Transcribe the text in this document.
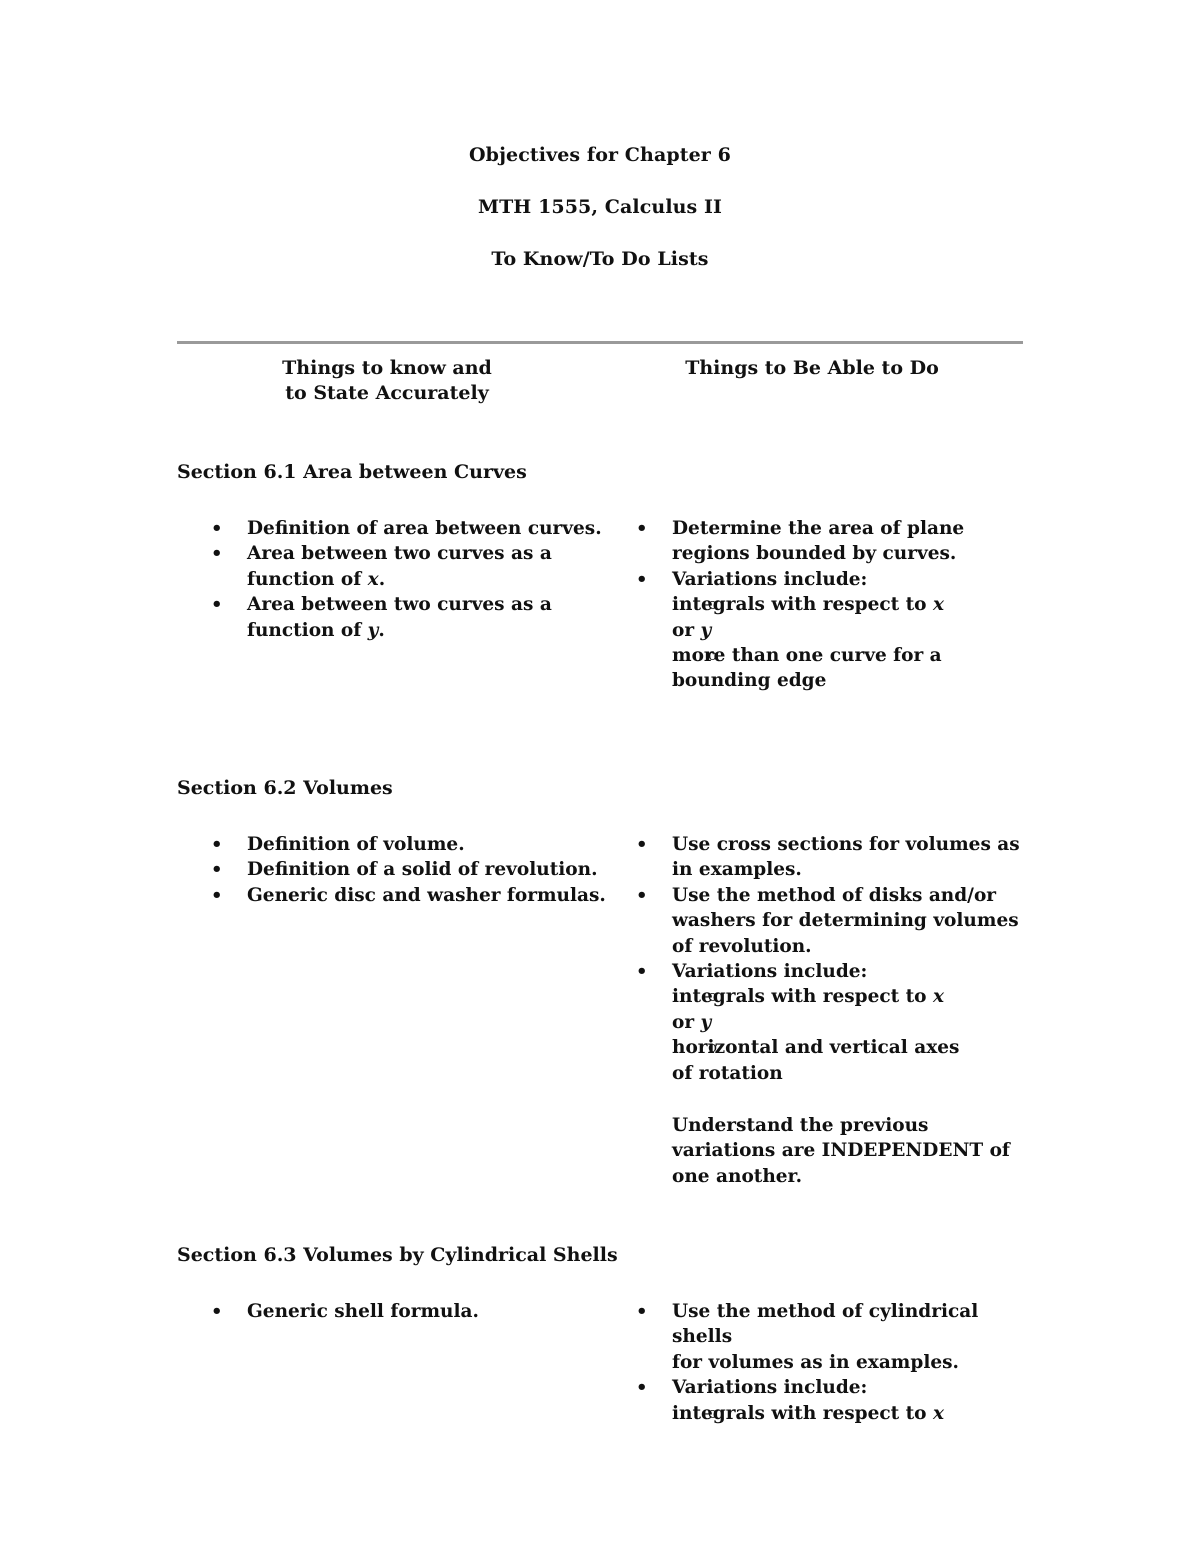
Objectives for Chapter 6
MTH 1555, Calculus II
To Know/To Do Lists
Things to know and
to State Accurately
Things to Be Able to Do
Section 6.1 Area between Curves
• Definition of area between curves.
• Area between two curves as a
function of x.
• Area between two curves as a
function of y.
• Determine the area of plane
regions bounded by curves.
• Variations include:
o integrals with respect to x
or y
o more than one curve for a
bounding edge
Section 6.2 Volumes
• Definition of volume.
• Definition of a solid of revolution.
• Generic disc and washer formulas.
• Use cross sections for volumes as
in examples.
• Use the method of disks and/or
washers for determining volumes
of revolution.
• Variations include:
o integrals with respect to x
or y
o horizontal and vertical axes
of rotation

Understand the previous variations are INDEPENDENT of one another.

Section 6.3 Volumes by Cylindrical Shells
• Generic shell formula.
•	Use the method of cylindrical shells
for volumes as in examples.
• Variations include:
o integrals with respect to x
